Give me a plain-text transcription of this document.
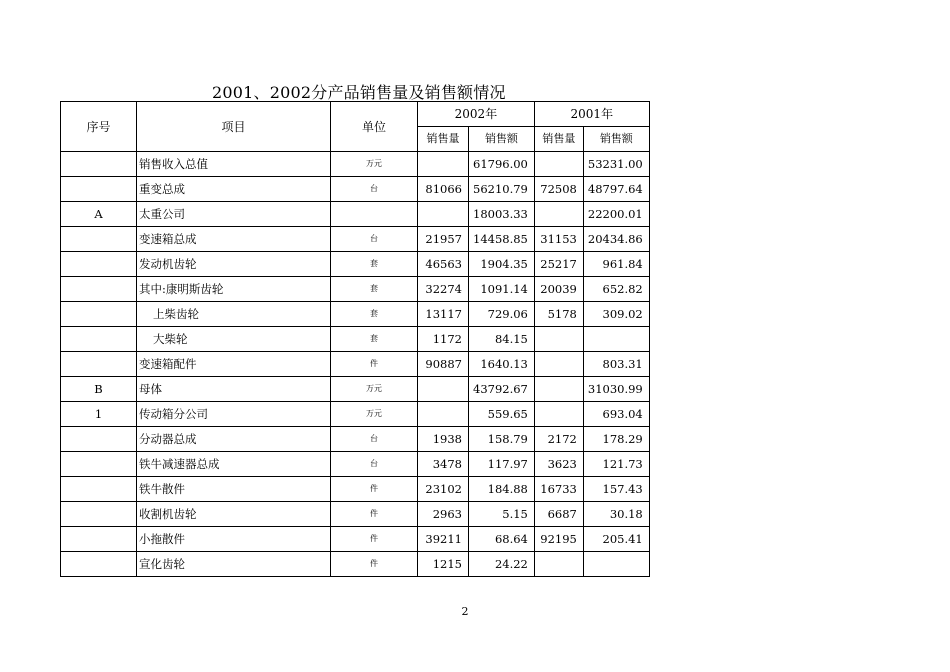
2001、2002分产品销售量及销售额情况
序号	项目	单位	2002年		2001年	
			销售量	销售额	销售量	销售额
	销售收入总值	万元		61796.00		53231.00
	重变总成	台	81066	56210.79	72508	48797.64
A	太重公司			18003.33		22200.01
	变速箱总成	台	21957	14458.85	31153	20434.86
	发动机齿轮	套	46563	1904.35	25217	961.84
	其中:康明斯齿轮	套	32274	1091.14	20039	652.82
	上柴齿轮	套	13117	729.06	5178	309.02
	大柴轮	套	1172	84.15		
	变速箱配件	件	90887	1640.13		803.31
B	母体	万元		43792.67		31030.99
1	传动箱分公司	万元		559.65		693.04
	分动器总成	台	1938	158.79	2172	178.29
	铁牛减速器总成	台	3478	117.97	3623	121.73
	铁牛散件	件	23102	184.88	16733	157.43
	收割机齿轮	件	2963	5.15	6687	30.18
	小拖散件	件	39211	68.64	92195	205.41
	宣化齿轮	件	1215	24.22		
2
